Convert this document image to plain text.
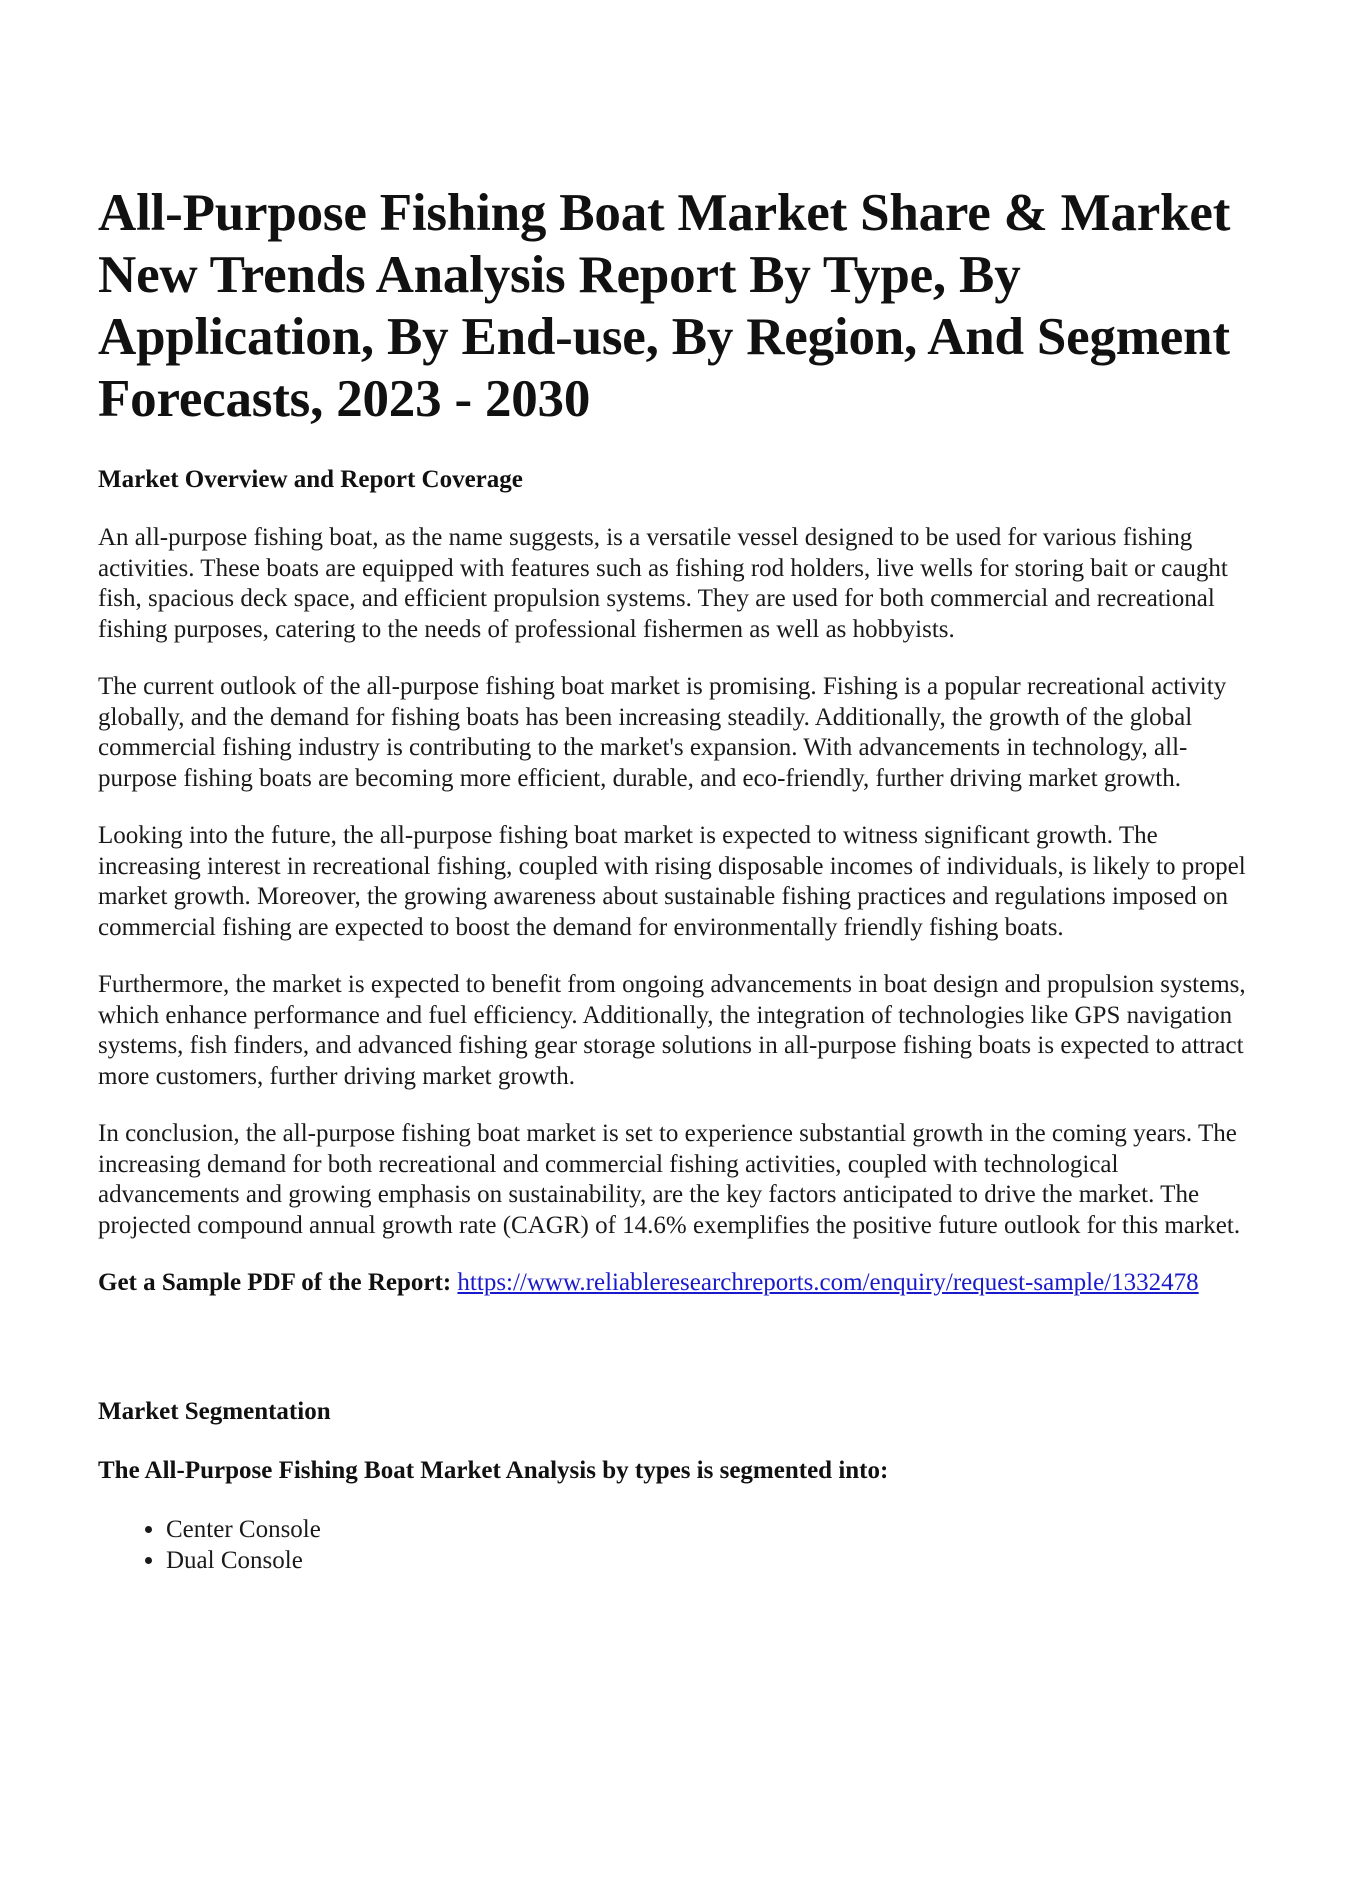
All-Purpose Fishing Boat Market Share & Market New Trends Analysis Report By Type, By Application, By End-use, By Region, And Segment Forecasts, 2023 - 2030
Market Overview and Report Coverage

An all-purpose fishing boat, as the name suggests, is a versatile vessel designed to be used for various fishing activities. These boats are equipped with features such as fishing rod holders, live wells for storing bait or caught fish, spacious deck space, and efficient propulsion systems. They are used for both commercial and recreational fishing purposes, catering to the needs of professional fishermen as well as hobbyists.

The current outlook of the all-purpose fishing boat market is promising. Fishing is a popular recreational activity globally, and the demand for fishing boats has been increasing steadily. Additionally, the growth of the global commercial fishing industry is contributing to the market's expansion. With advancements in technology, all-purpose fishing boats are becoming more efficient, durable, and eco-friendly, further driving market growth.

Looking into the future, the all-purpose fishing boat market is expected to witness significant growth. The increasing interest in recreational fishing, coupled with rising disposable incomes of individuals, is likely to propel market growth. Moreover, the growing awareness about sustainable fishing practices and regulations imposed on commercial fishing are expected to boost the demand for environmentally friendly fishing boats.

Furthermore, the market is expected to benefit from ongoing advancements in boat design and propulsion systems, which enhance performance and fuel efficiency. Additionally, the integration of technologies like GPS navigation systems, fish finders, and advanced fishing gear storage solutions in all-purpose fishing boats is expected to attract more customers, further driving market growth.

In conclusion, the all-purpose fishing boat market is set to experience substantial growth in the coming years. The increasing demand for both recreational and commercial fishing activities, coupled with technological advancements and growing emphasis on sustainability, are the key factors anticipated to drive the market. The projected compound annual growth rate (CAGR) of 14.6% exemplifies the positive future outlook for this market.

Get a Sample PDF of the Report: https://www.reliableresearchreports.com/enquiry/request-sample/1332478

Market Segmentation
The All-Purpose Fishing Boat Market Analysis by types is segmented into:
• Center Console
• Dual Console
